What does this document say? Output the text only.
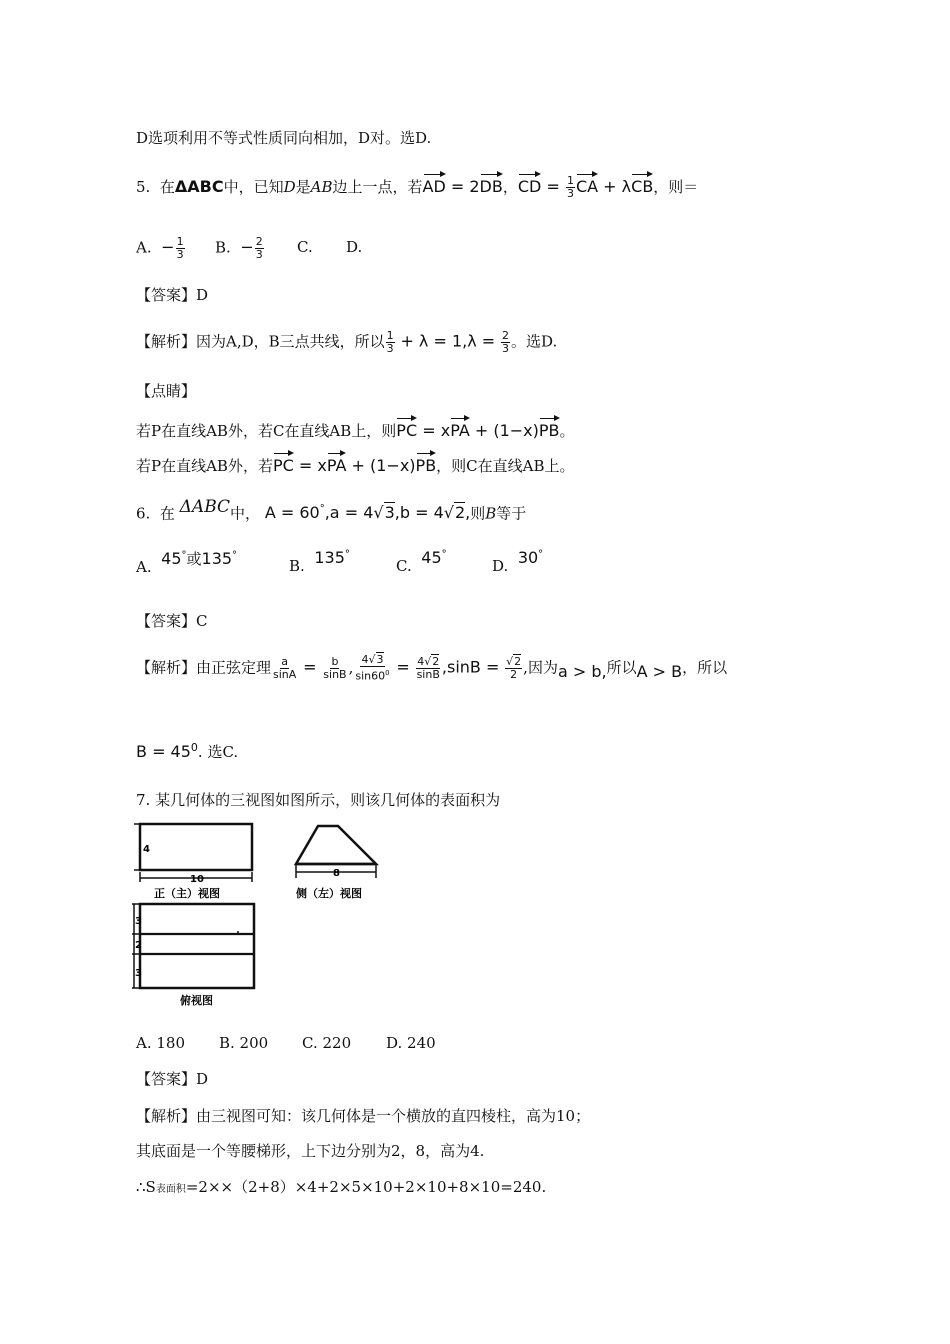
D选项利用不等式性质同向相加，D对。选D.
5. 在ΔABC中，已知D是AB边上一点，若AD = 2DB，CD = $\frac{1}{3}$ CA + λCB，则＝
A. − $\frac{1}{3} B$. − $\frac{2}{3} C$. D.
【答案】D
【解析】因为A,D，B三点共线，所以 $\frac{1}{3} + \lambda = 1,\lambda = \frac{2}{3}$ 。选D.
【点睛】
若P在直线AB外，若C在直线AB上，则PC = xPA + (1−x)PB。
若P在直线AB外，若PC = xPA + (1−x)PB，则C在直线AB上。
6. 在 ΔABC中， A = 60°,a = 4√3,b = 4√2,则B等于
A. 45°或135°
B. 135°
C. 45°
D. 30°
【答案】C
【解析】由正弦定理 $\frac{a}{\sin A} = \frac{b}{\sin B}$ , $\frac{4√3}{\sin 60^0} = \frac{4√2}{\sin B} ,\sin B = \frac{√2}{2}$ ,因为a > b,所以A > B，所以
$B = 45^0$. 选C.
7. 某几何体的三视图如图所示，则该几何体的表面积为
4
10
正（主）视图
8
侧（左）视图
3
2
3
俯视图
A. 180 B. 200 C. 220 D. 240
【答案】D
【解析】由三视图可知：该几何体是一个横放的直四棱柱，高为10；
其底面是一个等腰梯形，上下边分别为2，8，高为4.
∴S表面积=2××（2+8）×4+2×5×10+2×10+8×10=240.
